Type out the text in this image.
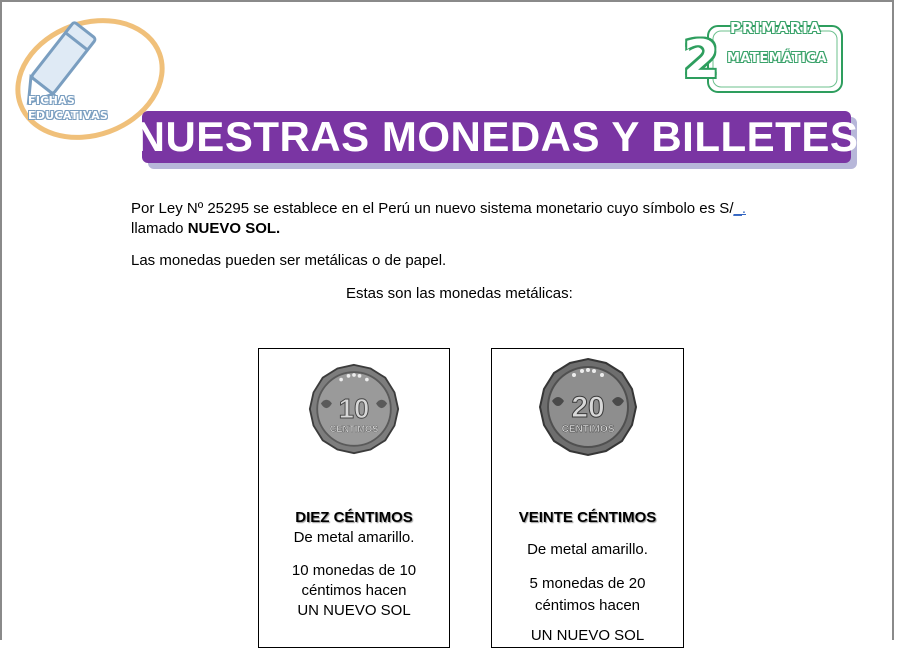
FICHAS
EDUCATIVAS
PRIMARIA
2 MATEMÁTICA
NUESTRAS MONEDAS Y BILLETES
Por Ley Nº 25295 se establece en el Perú un nuevo sistema monetario cuyo símbolo es S/_.
llamado NUEVO SOL.
Las monedas pueden ser metálicas o de papel.
Estas son las monedas metálicas:
10
CENTIMOS
DIEZ CÉNTIMOS
De metal amarillo.
10 monedas de 10
céntimos hacen
UN NUEVO SOL
20
CENTIMOS
VEINTE CÉNTIMOS
De metal amarillo.
5 monedas de 20
céntimos hacen
UN NUEVO SOL
